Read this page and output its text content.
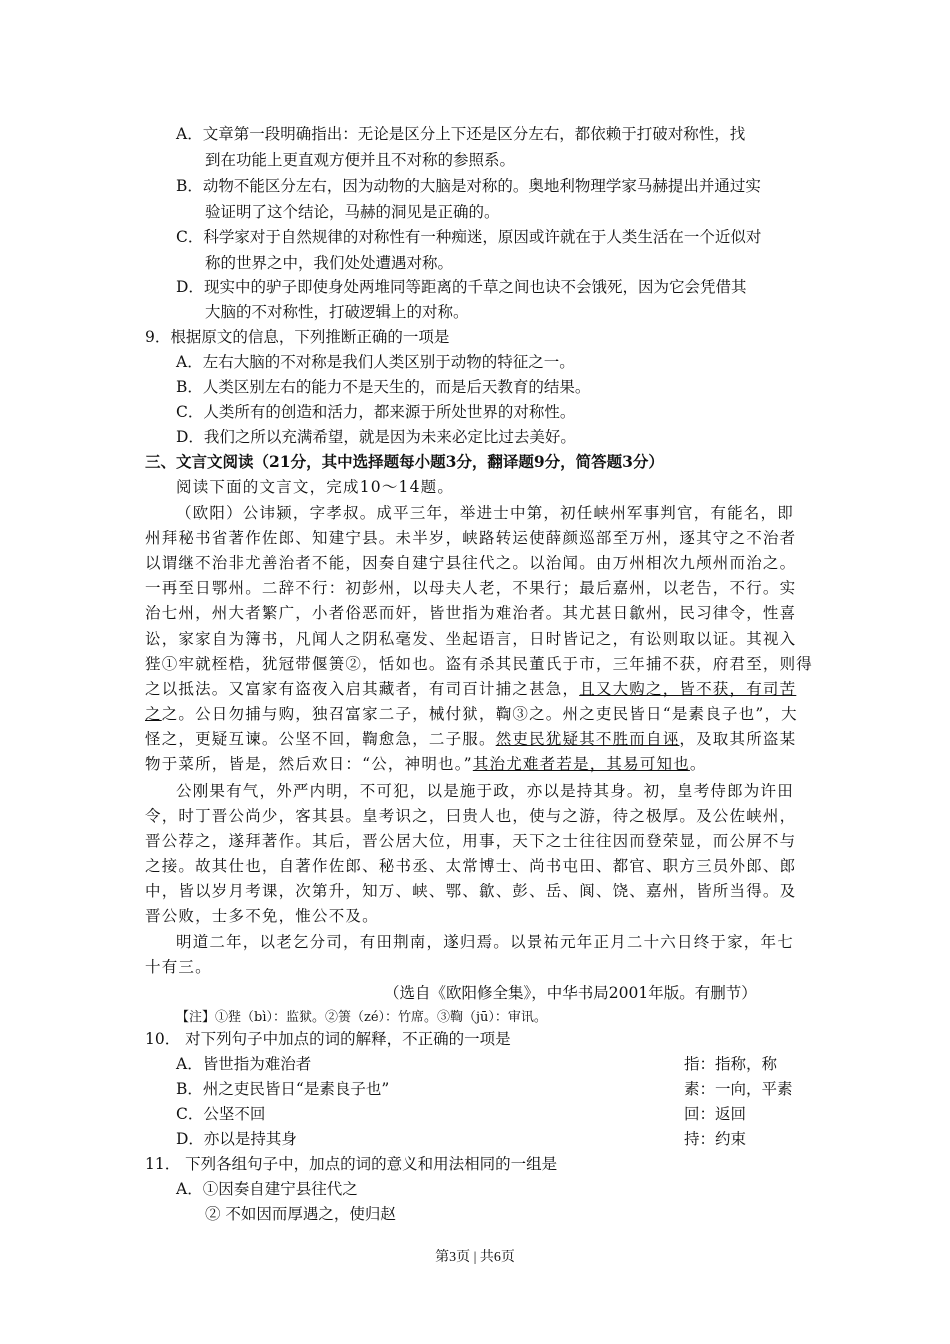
A．文章第一段明确指出：无论是区分上下还是区分左右，都依赖于打破对称性，找
到在功能上更直观方便并且不对称的参照系。
B．动物不能区分左右，因为动物的大脑是对称的。奥地利物理学家马赫提出并通过实
验证明了这个结论，马赫的洞见是正确的。
C．科学家对于自然规律的对称性有一种痴迷，原因或许就在于人类生活在一个近似对
称的世界之中，我们处处遭遇对称。
D．现实中的驴子即使身处两堆同等距离的千草之间也诀不会饿死，因为它会凭借其
大脑的不对称性，打破逻辑上的对称。
9．根据原文的信息，下列推断正确的一项是
A．左右大脑的不对称是我们人类区别于动物的特征之一。
B．人类区别左右的能力不是天生的，而是后天教育的结果。
C．人类所有的创造和活力，都来源于所处世界的对称性。
D．我们之所以充满希望，就是因为未来必定比过去美好。
三、文言文阅读（21分，其中选择题每小题3分，翻译题9分，简答题3分）
阅读下面的文言文，完成10～14题。
（欧阳）公讳颍，字孝叔。成平三年，举进士中第，初任峡州军事判官，有能名，即
州拜秘书省著作佐郎、知建宁县。未半岁，峡路转运使薛颜巡部至万州，逐其守之不治者
以谓继不治非尤善治者不能，因奏自建宁县往代之。以治闻。由万州相次九颅州而治之。
一再至日鄂州。二辞不行：初彭州，以母夫人老，不果行；最后嘉州，以老告，不行。实
治七州，州大者繁广，小者俗恶而奸，皆世指为难治者。其尤甚日歙州，民习律令，性喜
讼，家家自为簿书，凡闻人之阴私毫发、坐起语言，日时皆记之，有讼则取以证。其视入
狴①牢就桎梏，犹冠带偃箦②，恬如也。盗有杀其民董氏于市，三年捕不获，府君至，则得
之以抵法。又富家有盗夜入启其藏者，有司百计捕之甚急，且又大购之，皆不获，有司苦
之之。公日勿捕与购，独召富家二子，械付狱，鞫③之。州之吏民皆日“是素良子也”，大
怪之，更疑互谏。公坚不回，鞫愈急，二子服。然吏民犹疑其不胜而自诬，及取其所盗某
物于菜所，皆是，然后欢日：“公，神明也。”其治尤难者若是，其易可知也。
公刚果有气，外严内明，不可犯，以是施于政，亦以是持其身。初，皇考侍郎为许田
令，时丁晋公尚少，客其县。皇考识之，曰贵人也，使与之游，待之极厚。及公佐峡州，
晋公荐之，遂拜著作。其后，晋公居大位，用事，天下之士往往因而登荣显，而公屏不与
之接。故其仕也，自著作佐郎、秘书丞、太常博士、尚书屯田、都官、职方三员外郎、郎
中，皆以岁月考课，次第升，知万、峡、鄂、歙、彭、岳、阆、饶、嘉州，皆所当得。及
晋公败，士多不免，惟公不及。
明道二年，以老乞分司，有田荆南，遂归焉。以景祐元年正月二十六日终于家，年七
十有三。
（选自《欧阳修全集》，中华书局2001年版。有删节）
【注】①狴（bì）：监狱。②箦（zé）：竹席。③鞫（jū）：审讯。
10． 对下列句子中加点的词的解释，不正确的一项是
A．皆世指为难治者	指：指称，称
B．州之吏民皆日“是素良子也”	素：一向，平素
C．公坚不回	回：返回
D．亦以是持其身	持：约束
11． 下列各组句子中，加点的词的意义和用法相同的一组是
A．①因奏自建宁县往代之
② 不如因而厚遇之，使归赵
第3页 | 共6页
